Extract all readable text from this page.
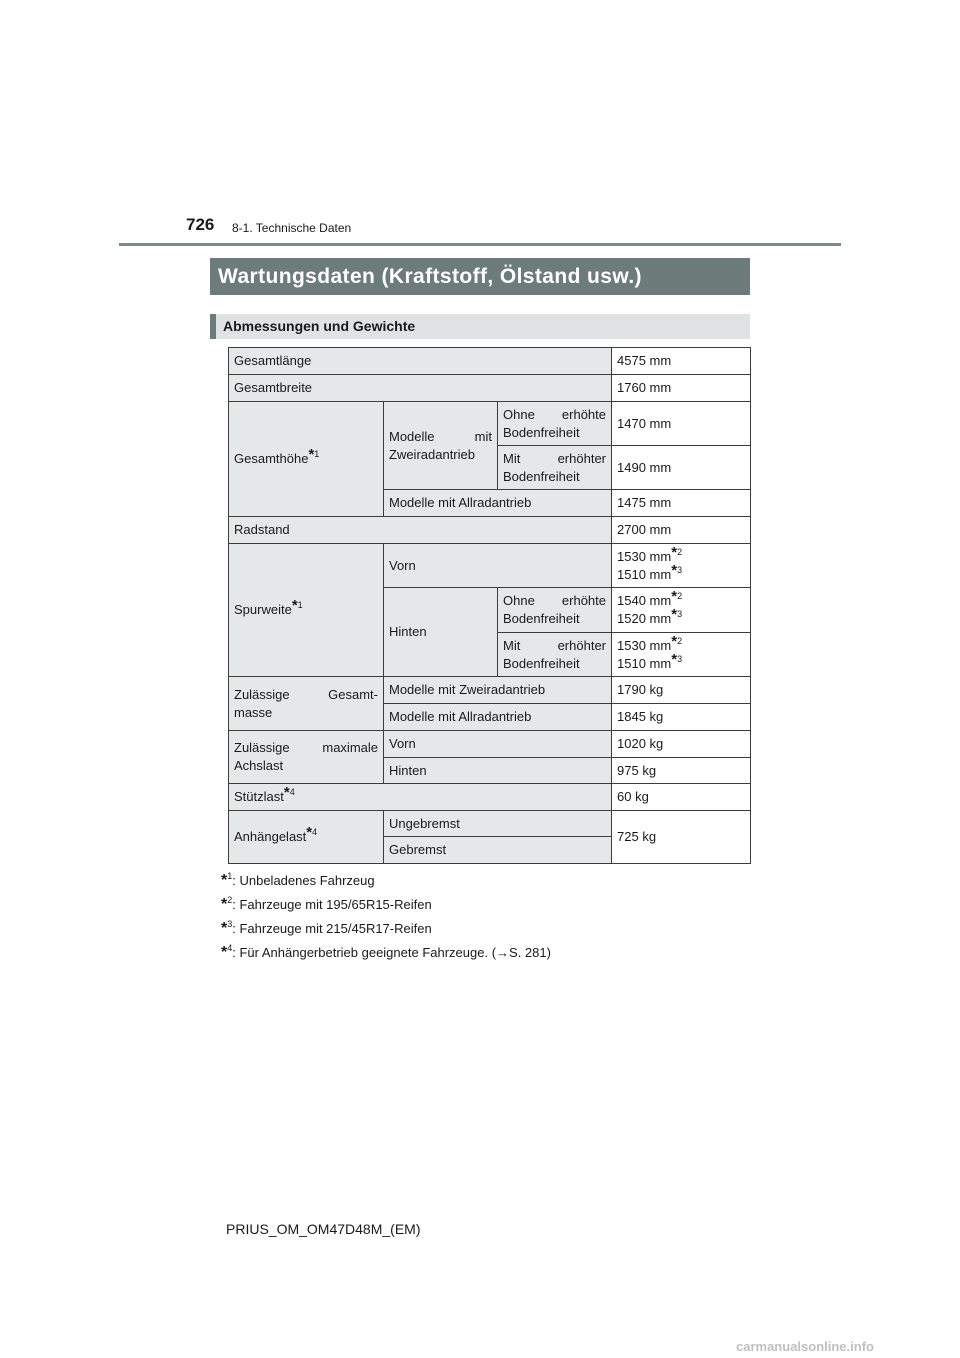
726 8-1. Technische Daten
Wartungsdaten (Kraftstoff, Ölstand usw.)
Abmessungen und Gewichte
Gesamtlänge			4575 mm
Gesamtbreite			1760 mm
Gesamthöhe*$^1$	Modelle mit Zweiradantrieb	Ohne erhöhte Bodenfreiheit	1470 mm
		Mit erhöhter Bodenfreiheit	1490 mm
	Modelle mit Allradantrieb		1475 mm
Radstand			2700 mm
Spurweite*$^1$	Vorn		1530 mm*$^2$
1510 mm*$^3$
	Hinten	Ohne erhöhte Bodenfreiheit	1540 mm*$^2$
1520 mm*$^3$
		Mit erhöhter Bodenfreiheit	1530 mm*$^2$
1510 mm*$^3$
Zulässige Gesamt-masse	Modelle mit Zweiradantrieb		1790 kg
	Modelle mit Allradantrieb		1845 kg
Zulässige maximale Achslast	Vorn		1020 kg
	Hinten		975 kg
Stützlast*$^4$			60 kg
Anhängelast*$^4$	Ungebremst		725 kg
	Gebremst		
*$^1$: Unbeladenes Fahrzeug
*$^2$: Fahrzeuge mit 195/65R15-Reifen
*$^3$: Fahrzeuge mit 215/45R17-Reifen
*$^4$: Für Anhängerbetrieb geeignete Fahrzeuge. (→S. 281)
PRIUS_OM_OM47D48M_(EM)
carmanualsonline.info
